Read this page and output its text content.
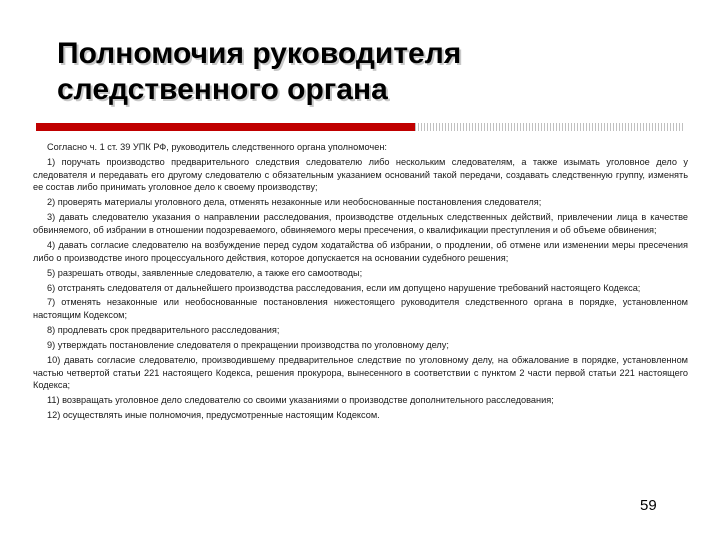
Полномочия руководителя
следственного органа

Согласно ч. 1 ст. 39 УПК РФ, руководитель следственного органа уполномочен:

1) поручать производство предварительного следствия следователю либо нескольким следователям, а также изымать уголовное дело у следователя и передавать его другому следователю с обязательным указанием оснований такой передачи, создавать следственную группу, изменять ее состав либо принимать уголовное дело к своему производству;

2) проверять материалы уголовного дела, отменять незаконные или необоснованные постановления следователя;

3) давать следователю указания о направлении расследования, производстве отдельных следственных действий, привлечении лица в качестве обвиняемого, об избрании в отношении подозреваемого, обвиняемого меры пресечения, о квалификации преступления и об объеме обвинения;

4) давать согласие следователю на возбуждение перед судом ходатайства об избрании, о продлении, об отмене или изменении меры пресечения либо о производстве иного процессуального действия, которое допускается на основании судебного решения;

5) разрешать отводы, заявленные следователю, а также его самоотводы;

6) отстранять следователя от дальнейшего производства расследования, если им допущено нарушение требований настоящего Кодекса;

7) отменять незаконные или необоснованные постановления нижестоящего руководителя следственного органа в порядке, установленном настоящим Кодексом;

8) продлевать срок предварительного расследования;

9) утверждать постановление следователя о прекращении производства по уголовному делу;

10) давать согласие следователю, производившему предварительное следствие по уголовному делу, на обжалование в порядке, установленном частью четвертой статьи 221 настоящего Кодекса, решения прокурора, вынесенного в соответствии с пунктом 2 части первой статьи 221 настоящего Кодекса;

11) возвращать уголовное дело следователю со своими указаниями о производстве дополнительного расследования;

12) осуществлять иные полномочия, предусмотренные настоящим Кодексом.

59
